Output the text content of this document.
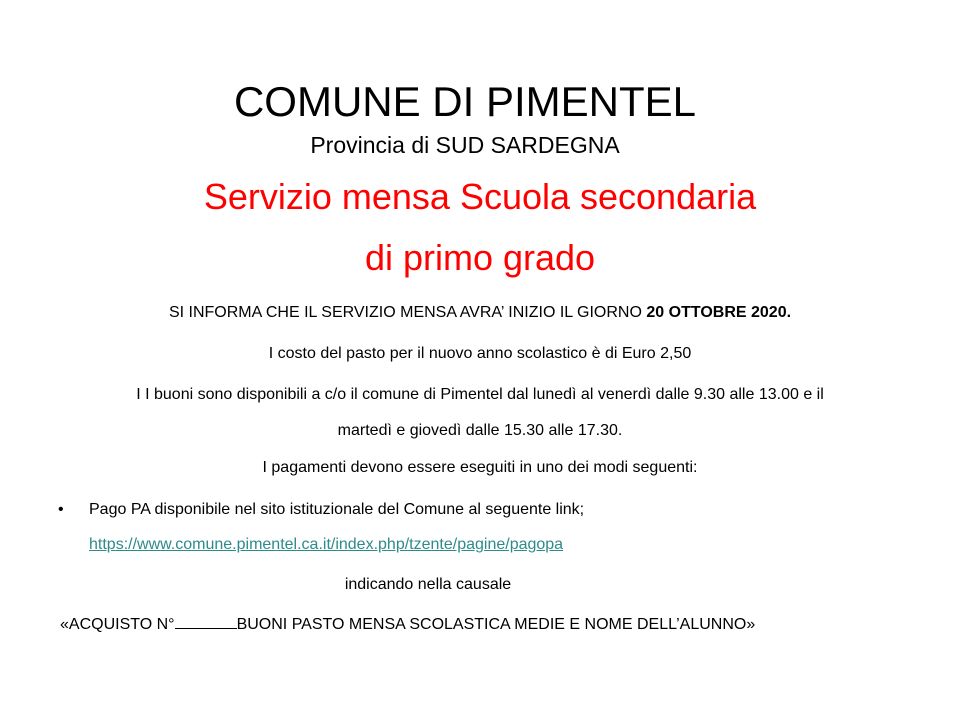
COMUNE DI PIMENTEL
Provincia di SUD SARDEGNA
Servizio mensa Scuola secondaria
di primo grado
SI INFORMA CHE IL SERVIZIO MENSA AVRA’ INIZIO IL GIORNO 20 OTTOBRE 2020.
I costo del pasto per il nuovo anno scolastico è di Euro 2,50
I I buoni sono disponibili a c/o il comune di Pimentel dal lunedì al venerdì dalle 9.30 alle 13.00 e il
martedì e giovedì dalle 15.30 alle 17.30.
I pagamenti devono essere eseguiti in uno dei modi seguenti:
• Pago PA disponibile nel sito istituzionale del Comune al seguente link;
https://www.comune.pimentel.ca.it/index.php/tzente/pagine/pagopa
indicando nella causale
«ACQUISTO N°	BUONI PASTO MENSA SCOLASTICA MEDIE E NOME DELL’ALUNNO»
